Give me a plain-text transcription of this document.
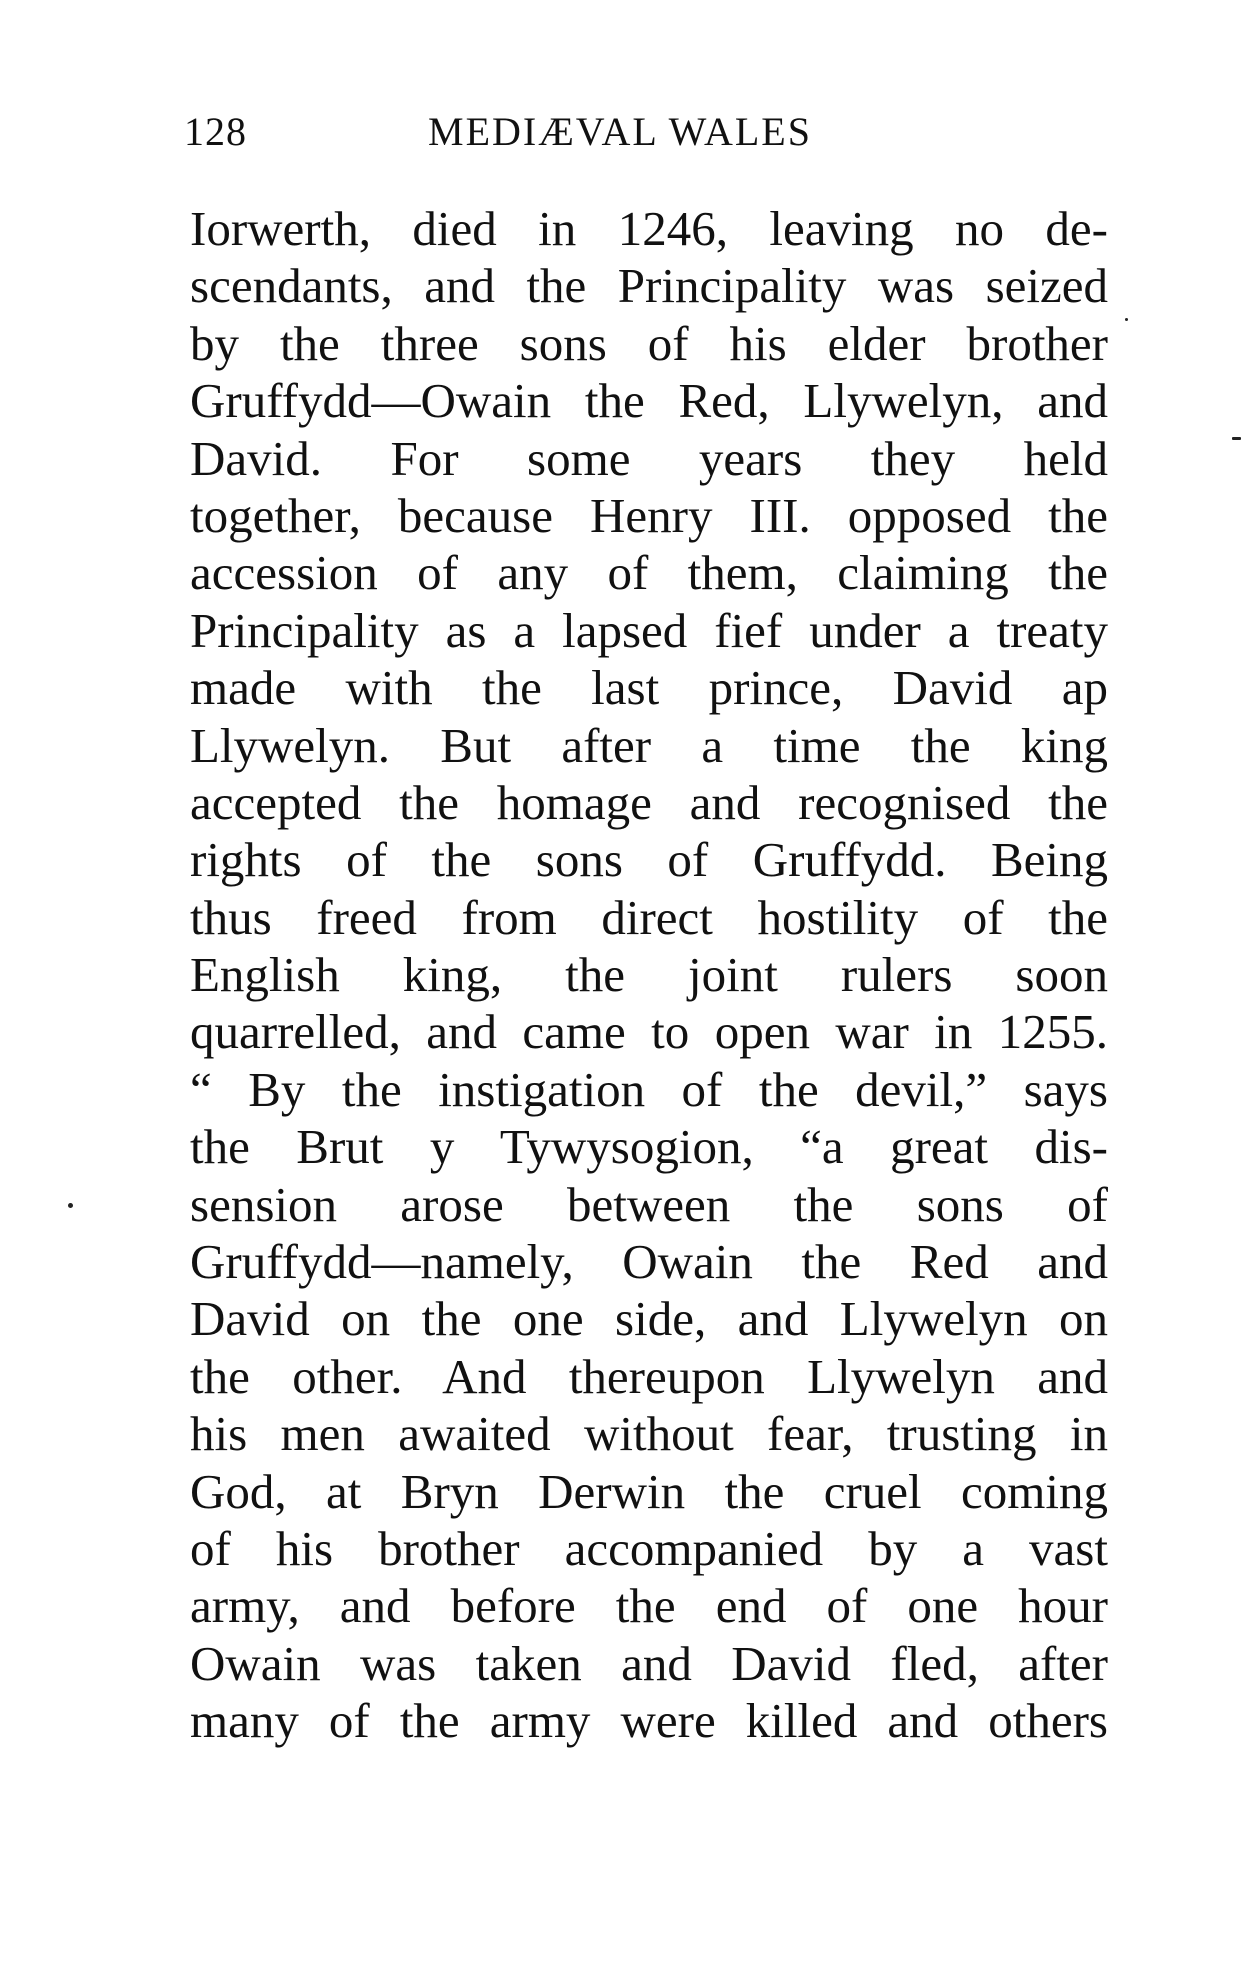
128	MEDIÆVAL WALES
Iorwerth, died in 1246, leaving no de-
scendants, and the Principality was seized
by the three sons of his elder brother
Gruffydd—Owain the Red, Llywelyn, and
David. For some years they held
together, because Henry III. opposed the
accession of any of them, claiming the
Principality as a lapsed fief under a treaty
made with the last prince, David ap
Llywelyn. But after a time the king
accepted the homage and recognised the
rights of the sons of Gruffydd. Being
thus freed from direct hostility of the
English king, the joint rulers soon
quarrelled, and came to open war in 1255.
“ By the instigation of the devil,” says
the Brut y Tywysogion, “a great dis-
sension arose between the sons of
Gruffydd—namely, Owain the Red and
David on the one side, and Llywelyn on
the other. And thereupon Llywelyn and
his men awaited without fear, trusting in
God, at Bryn Derwin the cruel coming
of his brother accompanied by a vast
army, and before the end of one hour
Owain was taken and David fled, after
many of the army were killed and others
